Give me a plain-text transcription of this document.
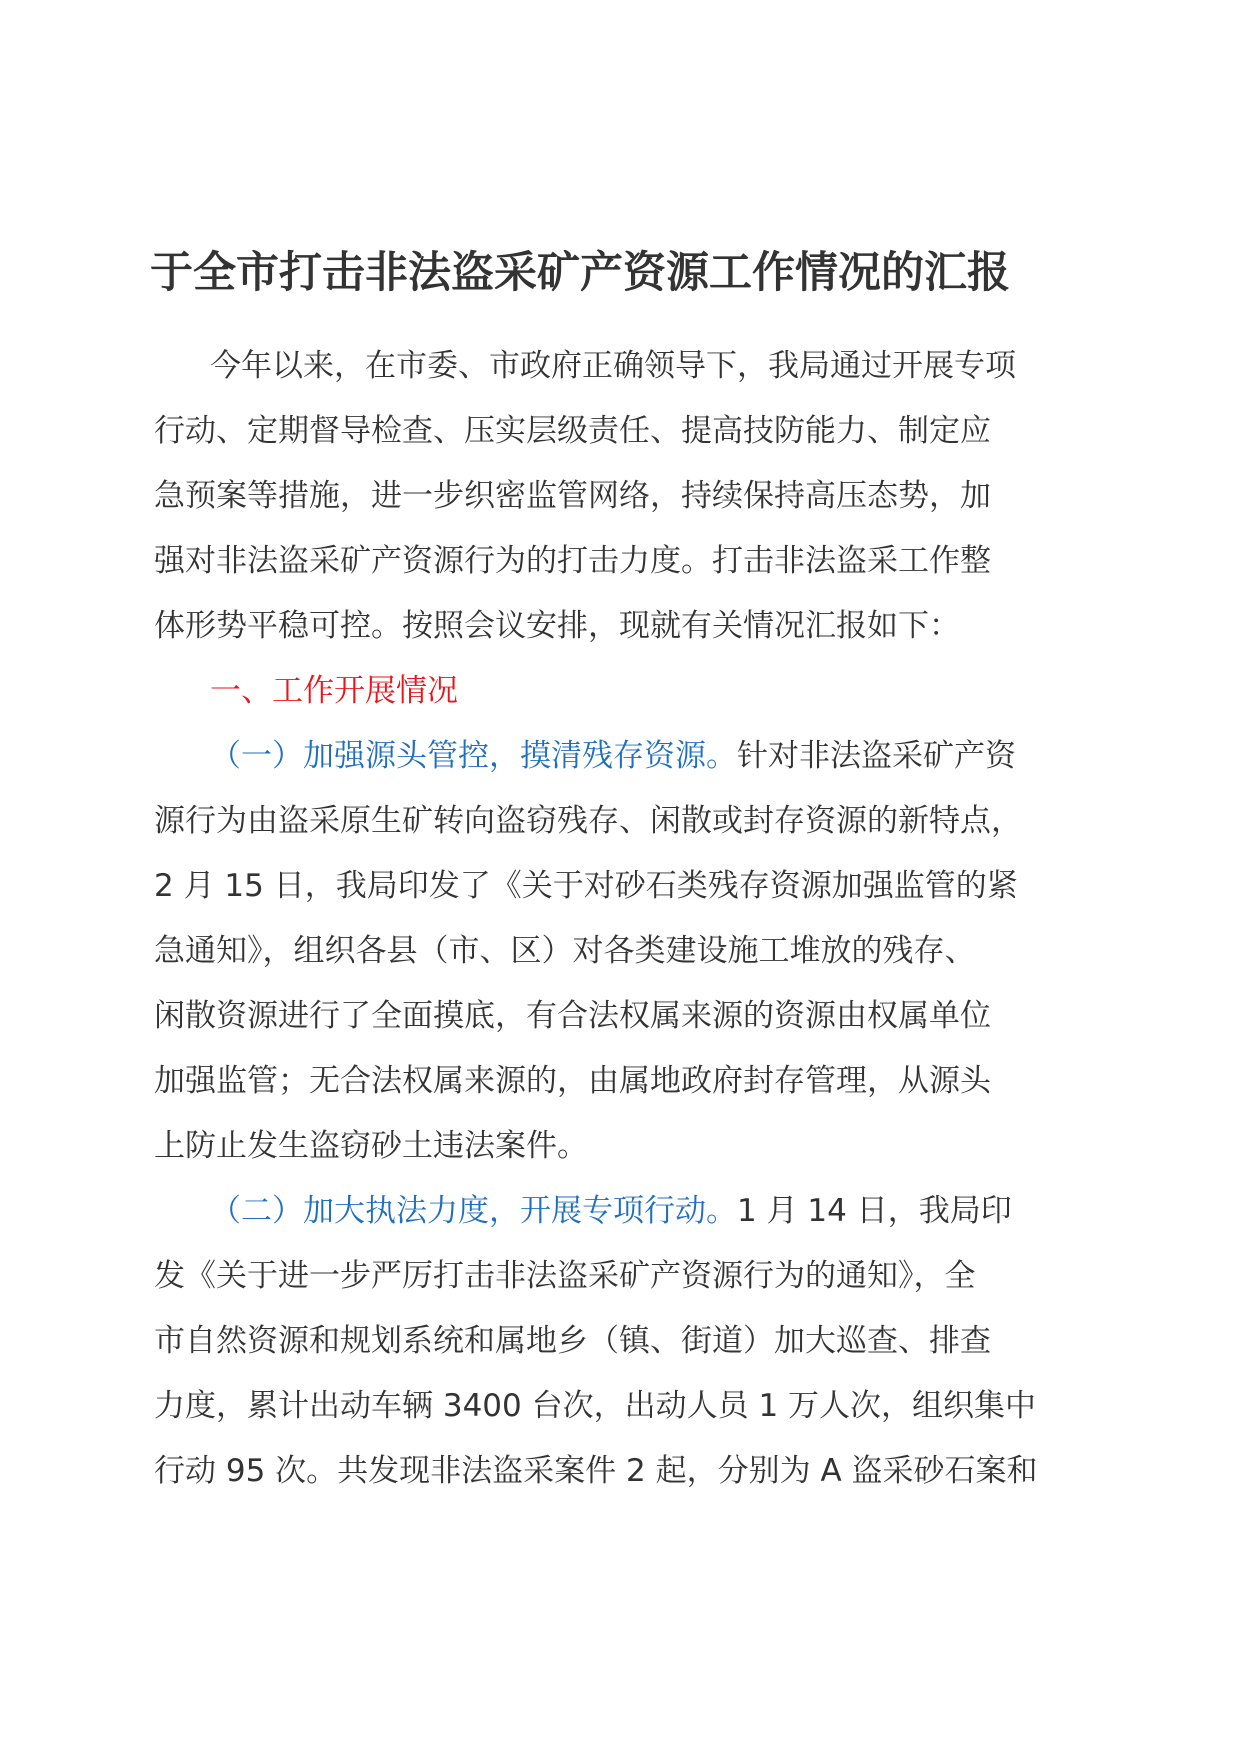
于全市打击非法盗采矿产资源工作情况的汇报

今年以来，在市委、市政府正确领导下，我局通过开展专项
行动、定期督导检查、压实层级责任、提高技防能力、制定应
急预案等措施，进一步织密监管网络，持续保持高压态势，加
强对非法盗采矿产资源行为的打击力度。打击非法盗采工作整
体形势平稳可控。按照会议安排，现就有关情况汇报如下：

一、工作开展情况

（一）加强源头管控，摸清残存资源。针对非法盗采矿产资
源行为由盗采原生矿转向盗窃残存、闲散或封存资源的新特点，
2 月 15 日，我局印发了《关于对砂石类残存资源加强监管的紧
急通知》，组织各县（市、区）对各类建设施工堆放的残存、
闲散资源进行了全面摸底，有合法权属来源的资源由权属单位
加强监管；无合法权属来源的，由属地政府封存管理，从源头
上防止发生盗窃砂土违法案件。

（二）加大执法力度，开展专项行动。1 月 14 日，我局印
发《关于进一步严厉打击非法盗采矿产资源行为的通知》，全
市自然资源和规划系统和属地乡（镇、街道）加大巡查、排查
力度，累计出动车辆 3400 台次，出动人员 1 万人次，组织集中
行动 95 次。共发现非法盗采案件 2 起，分别为 A 盗采砂石案和
